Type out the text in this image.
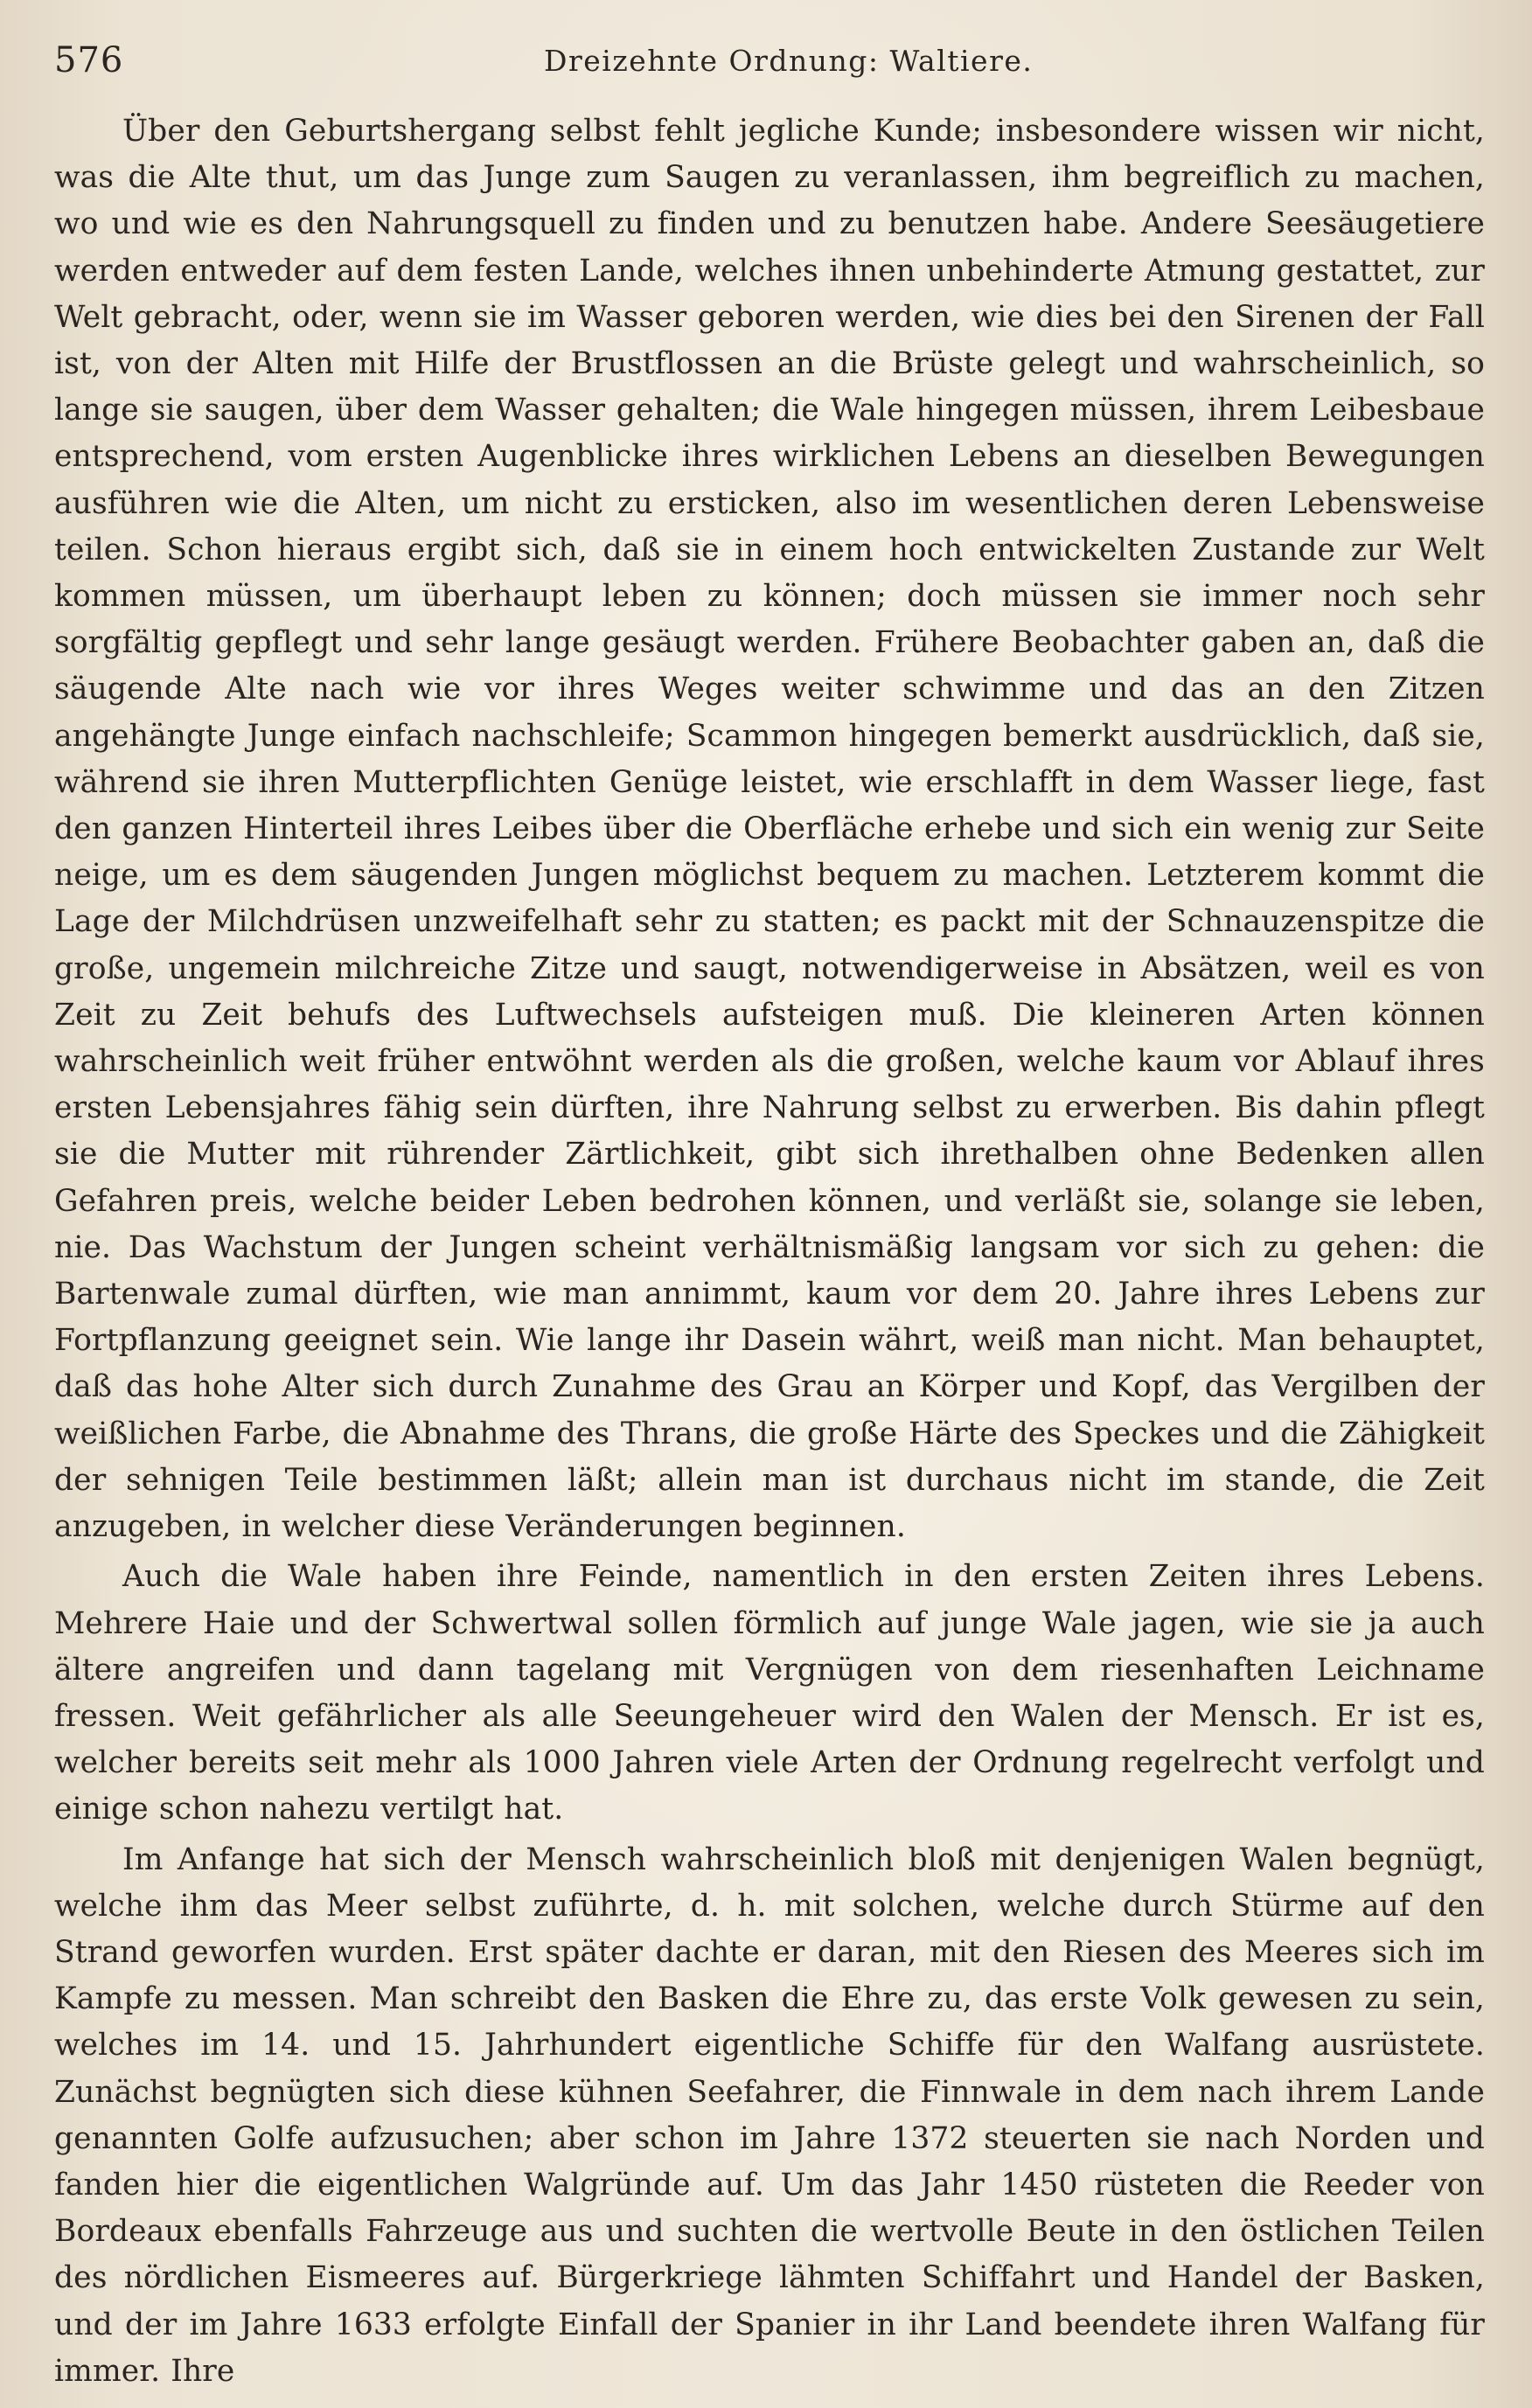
576	Dreizehnte Ordnung: Waltiere.

Über den Geburtshergang selbst fehlt jegliche Kunde; insbesondere wissen wir nicht, was die Alte thut, um das Junge zum Saugen zu veranlassen, ihm begreiflich zu machen, wo und wie es den Nahrungsquell zu finden und zu benutzen habe. Andere Seesäugetiere werden entweder auf dem festen Lande, welches ihnen unbehinderte Atmung gestattet, zur Welt gebracht, oder, wenn sie im Wasser geboren werden, wie dies bei den Sirenen der Fall ist, von der Alten mit Hilfe der Brustflossen an die Brüste gelegt und wahrscheinlich, so lange sie saugen, über dem Wasser gehalten; die Wale hingegen müssen, ihrem Leibesbaue entsprechend, vom ersten Augenblicke ihres wirklichen Lebens an dieselben Bewegungen ausführen wie die Alten, um nicht zu ersticken, also im wesentlichen deren Lebensweise teilen. Schon hieraus ergibt sich, daß sie in einem hoch entwickelten Zustande zur Welt kommen müssen, um überhaupt leben zu können; doch müssen sie immer noch sehr sorgfältig gepflegt und sehr lange gesäugt werden. Frühere Beobachter gaben an, daß die säugende Alte nach wie vor ihres Weges weiter schwimme und das an den Zitzen angehängte Junge einfach nachschleife; Scammon hingegen bemerkt ausdrücklich, daß sie, während sie ihren Mutterpflichten Genüge leistet, wie erschlafft in dem Wasser liege, fast den ganzen Hinterteil ihres Leibes über die Oberfläche erhebe und sich ein wenig zur Seite neige, um es dem säugenden Jungen möglichst bequem zu machen. Letzterem kommt die Lage der Milchdrüsen unzweifelhaft sehr zu statten; es packt mit der Schnauzenspitze die große, ungemein milchreiche Zitze und saugt, notwendigerweise in Absätzen, weil es von Zeit zu Zeit behufs des Luftwechsels aufsteigen muß. Die kleineren Arten können wahrscheinlich weit früher entwöhnt werden als die großen, welche kaum vor Ablauf ihres ersten Lebensjahres fähig sein dürften, ihre Nahrung selbst zu erwerben. Bis dahin pflegt sie die Mutter mit rührender Zärtlichkeit, gibt sich ihrethalben ohne Bedenken allen Gefahren preis, welche beider Leben bedrohen können, und verläßt sie, solange sie leben, nie. Das Wachstum der Jungen scheint verhältnismäßig langsam vor sich zu gehen: die Bartenwale zumal dürften, wie man annimmt, kaum vor dem 20. Jahre ihres Lebens zur Fortpflanzung geeignet sein. Wie lange ihr Dasein währt, weiß man nicht. Man behauptet, daß das hohe Alter sich durch Zunahme des Grau an Körper und Kopf, das Vergilben der weißlichen Farbe, die Abnahme des Thrans, die große Härte des Speckes und die Zähigkeit der sehnigen Teile bestimmen läßt; allein man ist durchaus nicht im stande, die Zeit anzugeben, in welcher diese Veränderungen beginnen.

Auch die Wale haben ihre Feinde, namentlich in den ersten Zeiten ihres Lebens. Mehrere Haie und der Schwertwal sollen förmlich auf junge Wale jagen, wie sie ja auch ältere angreifen und dann tagelang mit Vergnügen von dem riesenhaften Leichname fressen. Weit gefährlicher als alle Seeungeheuer wird den Walen der Mensch. Er ist es, welcher bereits seit mehr als 1000 Jahren viele Arten der Ordnung regelrecht verfolgt und einige schon nahezu vertilgt hat.

Im Anfange hat sich der Mensch wahrscheinlich bloß mit denjenigen Walen begnügt, welche ihm das Meer selbst zuführte, d. h. mit solchen, welche durch Stürme auf den Strand geworfen wurden. Erst später dachte er daran, mit den Riesen des Meeres sich im Kampfe zu messen. Man schreibt den Basken die Ehre zu, das erste Volk gewesen zu sein, welches im 14. und 15. Jahrhundert eigentliche Schiffe für den Walfang ausrüstete. Zunächst begnügten sich diese kühnen Seefahrer, die Finnwale in dem nach ihrem Lande genannten Golfe aufzusuchen; aber schon im Jahre 1372 steuerten sie nach Norden und fanden hier die eigentlichen Walgründe auf. Um das Jahr 1450 rüsteten die Reeder von Bordeaux ebenfalls Fahrzeuge aus und suchten die wertvolle Beute in den östlichen Teilen des nördlichen Eismeeres auf. Bürgerkriege lähmten Schiffahrt und Handel der Basken, und der im Jahre 1633 erfolgte Einfall der Spanier in ihr Land beendete ihren Walfang für immer. Ihre
